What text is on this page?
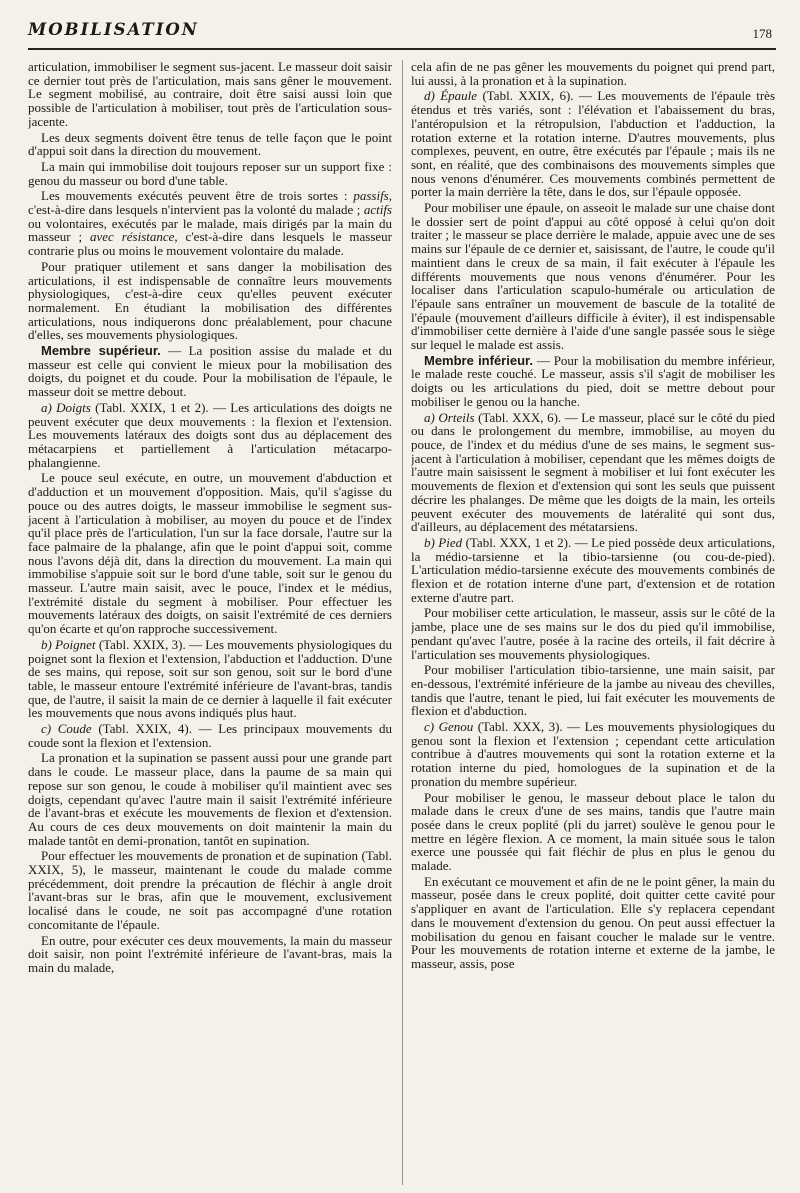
MOBILISATION	178

articulation, immobiliser le segment sus-jacent. Le masseur doit saisir ce dernier tout près de l'articulation, mais sans gêner le mouvement. Le segment mobilisé, au contraire, doit être saisi aussi loin que possible de l'articulation à mobiliser, tout près de l'articulation sous-jacente.

Les deux segments doivent être tenus de telle façon que le point d'appui soit dans la direction du mouvement.

La main qui immobilise doit toujours reposer sur un support fixe : genou du masseur ou bord d'une table.

Les mouvements exécutés peuvent être de trois sortes : passifs, c'est-à-dire dans lesquels n'intervient pas la volonté du malade ; actifs ou volontaires, exécutés par le malade, mais dirigés par la main du masseur ; avec résistance, c'est-à-dire dans lesquels le masseur contrarie plus ou moins le mouvement volontaire du malade.

Pour pratiquer utilement et sans danger la mobilisation des articulations, il est indispensable de connaître leurs mouvements physiologiques, c'est-à-dire ceux qu'elles peuvent exécuter normalement. En étudiant la mobilisation des différentes articulations, nous indiquerons donc préalablement, pour chacune d'elles, ses mouvements physiologiques.

Membre supérieur. — La position assise du malade et du masseur est celle qui convient le mieux pour la mobilisation des doigts, du poignet et du coude. Pour la mobilisation de l'épaule, le masseur doit se mettre debout.

a) Doigts (Tabl. XXIX, 1 et 2). — Les articulations des doigts ne peuvent exécuter que deux mouvements : la flexion et l'extension. Les mouvements latéraux des doigts sont dus au déplacement des métacarpiens et partiellement à l'articulation métacarpo-phalangienne.

Le pouce seul exécute, en outre, un mouvement d'abduction et d'adduction et un mouvement d'opposition. Mais, qu'il s'agisse du pouce ou des autres doigts, le masseur immobilise le segment sus-jacent à l'articulation à mobiliser, au moyen du pouce et de l'index qu'il place près de l'articulation, l'un sur la face dorsale, l'autre sur la face palmaire de la phalange, afin que le point d'appui soit, comme nous l'avons déjà dit, dans la direction du mouvement. La main qui immobilise s'appuie soit sur le bord d'une table, soit sur le genou du masseur. L'autre main saisit, avec le pouce, l'index et le médius, l'extrémité distale du segment à mobiliser. Pour effectuer les mouvements latéraux des doigts, on saisit l'extrémité de ces derniers qu'on écarte et qu'on rapproche successivement.

b) Poignet (Tabl. XXIX, 3). — Les mouvements physiologiques du poignet sont la flexion et l'extension, l'abduction et l'adduction. D'une de ses mains, qui repose, soit sur son genou, soit sur le bord d'une table, le masseur entoure l'extrémité inférieure de l'avant-bras, tandis que, de l'autre, il saisit la main de ce dernier à laquelle il fait exécuter les mouvements que nous avons indiqués plus haut.

c) Coude (Tabl. XXIX, 4). — Les principaux mouvements du coude sont la flexion et l'extension.

La pronation et la supination se passent aussi pour une grande part dans le coude. Le masseur place, dans la paume de sa main qui repose sur son genou, le coude à mobiliser qu'il maintient avec ses doigts, cependant qu'avec l'autre main il saisit l'extrémité inférieure de l'avant-bras et exécute les mouvements de flexion et d'extension. Au cours de ces deux mouvements on doit maintenir la main du malade tantôt en demi-pronation, tantôt en supination.

Pour effectuer les mouvements de pronation et de supination (Tabl. XXIX, 5), le masseur, maintenant le coude du malade comme précédemment, doit prendre la précaution de fléchir à angle droit l'avant-bras sur le bras, afin que le mouvement, exclusivement localisé dans le coude, ne soit pas accompagné d'une rotation concomitante de l'épaule.

En outre, pour exécuter ces deux mouvements, la main du masseur doit saisir, non point l'extrémité inférieure de l'avant-bras, mais la main du malade,

cela afin de ne pas gêner les mouvements du poignet qui prend part, lui aussi, à la pronation et à la supination.

d) Épaule (Tabl. XXIX, 6). — Les mouvements de l'épaule très étendus et très variés, sont : l'élévation et l'abaissement du bras, l'antéropulsion et la rétropulsion, l'abduction et l'adduction, la rotation externe et la rotation interne. D'autres mouvements, plus complexes, peuvent, en outre, être exécutés par l'épaule ; mais ils ne sont, en réalité, que des combinaisons des mouvements simples que nous venons d'énumérer. Ces mouvements combinés permettent de porter la main derrière la tête, dans le dos, sur l'épaule opposée.

Pour mobiliser une épaule, on asseoit le malade sur une chaise dont le dossier sert de point d'appui au côté opposé à celui qu'on doit traiter ; le masseur se place derrière le malade, appuie avec une de ses mains sur l'épaule de ce dernier et, saisissant, de l'autre, le coude qu'il maintient dans le creux de sa main, il fait exécuter à l'épaule les différents mouvements que nous venons d'énumérer. Pour les localiser dans l'articulation scapulo-humérale ou articulation de l'épaule sans entraîner un mouvement de bascule de la totalité de l'épaule (mouvement d'ailleurs difficile à éviter), il est indispensable d'immobiliser cette dernière à l'aide d'une sangle passée sous le siège sur lequel le malade est assis.

Membre inférieur. — Pour la mobilisation du membre inférieur, le malade reste couché. Le masseur, assis s'il s'agit de mobiliser les doigts ou les articulations du pied, doit se mettre debout pour mobiliser le genou ou la hanche.

a) Orteils (Tabl. XXX, 6). — Le masseur, placé sur le côté du pied ou dans le prolongement du membre, immobilise, au moyen du pouce, de l'index et du médius d'une de ses mains, le segment sus-jacent à l'articulation à mobiliser, cependant que les mêmes doigts de l'autre main saisissent le segment à mobiliser et lui font exécuter les mouvements de flexion et d'extension qui sont les seuls que puissent décrire les phalanges. De même que les doigts de la main, les orteils peuvent exécuter des mouvements de latéralité qui sont dus, d'ailleurs, au déplacement des métatarsiens.

b) Pied (Tabl. XXX, 1 et 2). — Le pied possède deux articulations, la médio-tarsienne et la tibio-tarsienne (ou cou-de-pied). L'articulation médio-tarsienne exécute des mouvements combinés de flexion et de rotation interne d'une part, d'extension et de rotation externe d'autre part.

Pour mobiliser cette articulation, le masseur, assis sur le côté de la jambe, place une de ses mains sur le dos du pied qu'il immobilise, pendant qu'avec l'autre, posée à la racine des orteils, il fait décrire à l'articulation ses mouvements physiologiques.

Pour mobiliser l'articulation tibio-tarsienne, une main saisit, par en-dessous, l'extrémité inférieure de la jambe au niveau des chevilles, tandis que l'autre, tenant le pied, lui fait exécuter les mouvements de flexion et d'abduction.

c) Genou (Tabl. XXX, 3). — Les mouvements physiologiques du genou sont la flexion et l'extension ; cependant cette articulation contribue à d'autres mouvements qui sont la rotation externe et la rotation interne du pied, homologues de la supination et de la pronation du membre supérieur.

Pour mobiliser le genou, le masseur debout place le talon du malade dans le creux d'une de ses mains, tandis que l'autre main posée dans le creux poplité (pli du jarret) soulève le genou pour le mettre en légère flexion. A ce moment, la main située sous le talon exerce une poussée qui fait fléchir de plus en plus le genou du malade.

En exécutant ce mouvement et afin de ne le point gêner, la main du masseur, posée dans le creux poplité, doit quitter cette cavité pour s'appliquer en avant de l'articulation. Elle s'y replacera cependant dans le mouvement d'extension du genou. On peut aussi effectuer la mobilisation du genou en faisant coucher le malade sur le ventre. Pour les mouvements de rotation interne et externe de la jambe, le masseur, assis, pose
